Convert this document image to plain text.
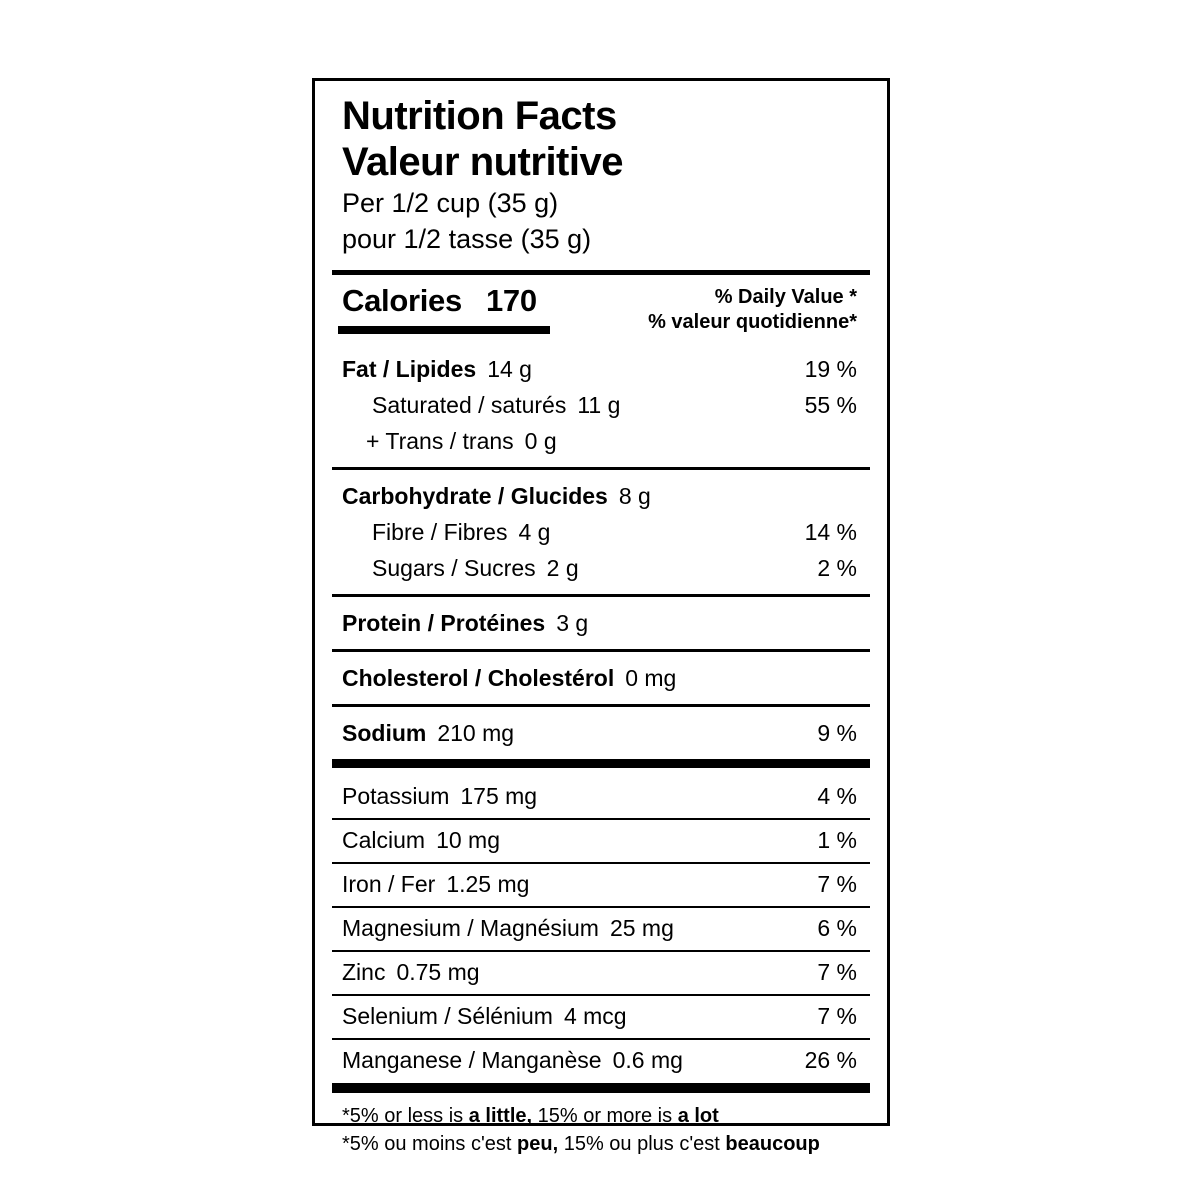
Nutrition Facts
Valeur nutritive
Per 1/2 cup (35 g)
pour 1/2 tasse (35 g)
Calories 170	% Daily Value *
% valeur quotidienne*
Fat / Lipides 14 g	19 %
Saturated / saturés 11 g	55 %
+ Trans / trans 0 g
Carbohydrate / Glucides 8 g
Fibre / Fibres 4 g	14 %
Sugars / Sucres 2 g	2 %
Protein / Protéines 3 g
Cholesterol / Cholestérol 0 mg
Sodium 210 mg	9 %
Potassium 175 mg	4 %
Calcium 10 mg	1 %
Iron / Fer 1.25 mg	7 %
Magnesium / Magnésium 25 mg	6 %
Zinc 0.75 mg	7 %
Selenium / Sélénium 4 mcg	7 %
Manganese / Manganèse 0.6 mg	26 %
*5% or less is a little, 15% or more is a lot
*5% ou moins c'est peu, 15% ou plus c'est beaucoup
